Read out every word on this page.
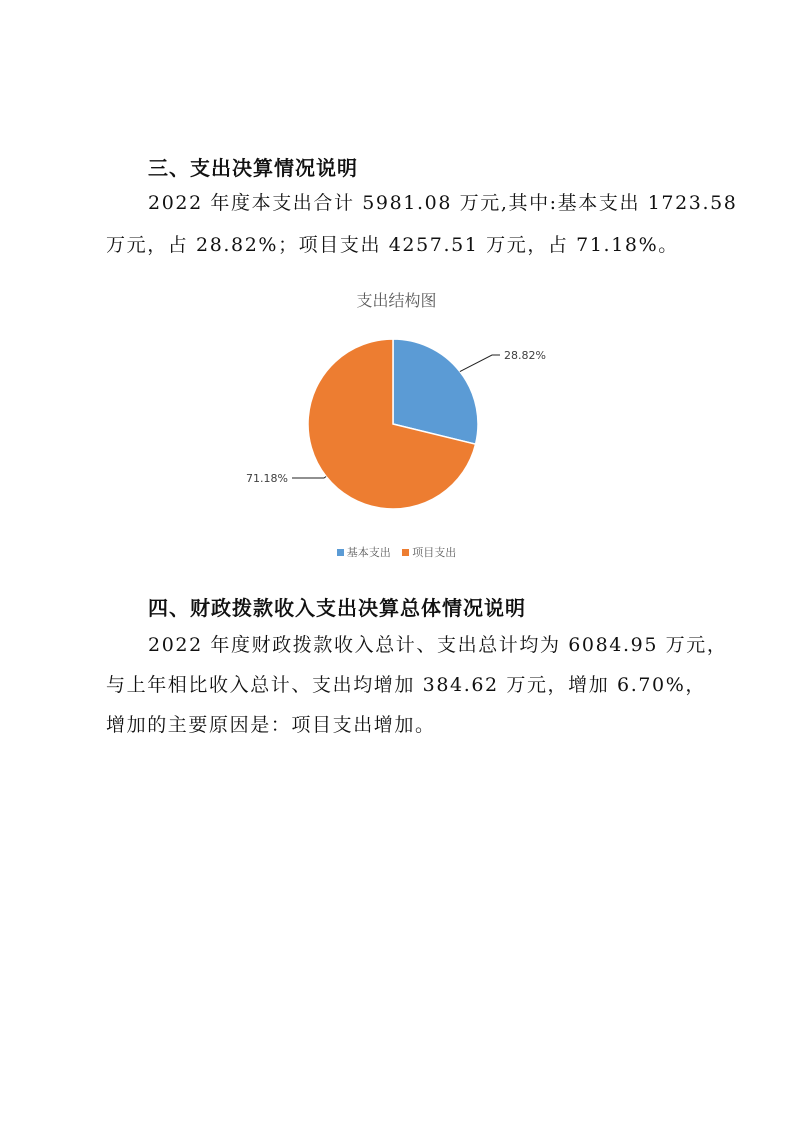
三、支出决算情况说明

2022 年度本支出合计 5981.08 万元,其中:基本支出 1723.58

万元，占 28.82%；项目支出 4257.51 万元，占 71.18%。

支出结构图
28.82%
71.18%
基本支出 项目支出
四、财政拨款收入支出决算总体情况说明

2022 年度财政拨款收入总计、支出总计均为 6084.95 万元，

与上年相比收入总计、支出均增加 384.62 万元，增加 6.70%，

增加的主要原因是：项目支出增加。
